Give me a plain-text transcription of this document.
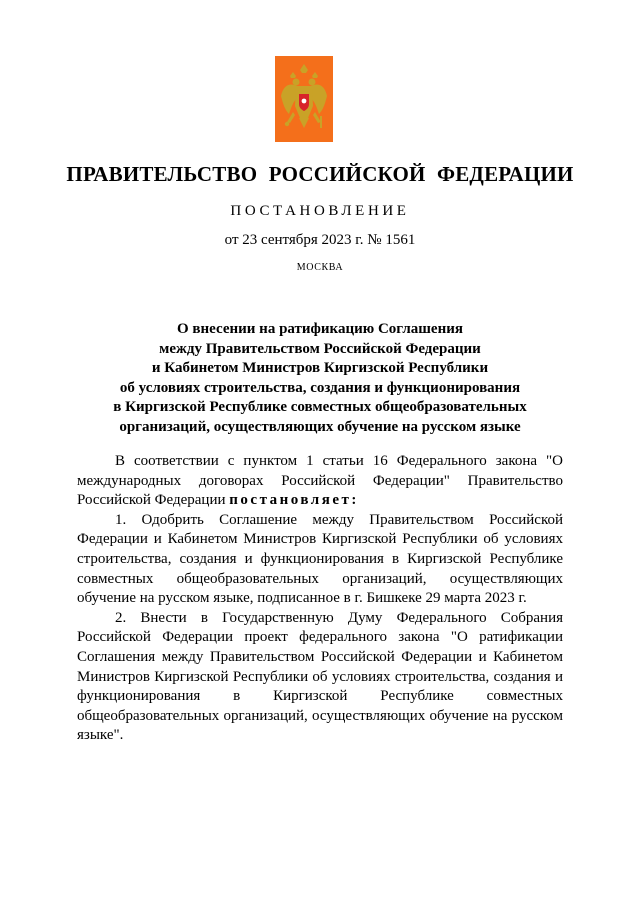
ПРАВИТЕЛЬСТВО РОССИЙСКОЙ ФЕДЕРАЦИИ
ПОСТАНОВЛЕНИЕ
от 23 сентября 2023 г. № 1561
МОСКВА
О внесении на ратификацию Соглашения
между Правительством Российской Федерации
и Кабинетом Министров Киргизской Республики
об условиях строительства, создания и функционирования
в Киргизской Республике совместных общеобразовательных
организаций, осуществляющих обучение на русском языке

В соответствии с пунктом 1 статьи 16 Федерального закона "О международных договорах Российской Федерации" Правительство Российской Федерации постановляет:

1. Одобрить Соглашение между Правительством Российской Федерации и Кабинетом Министров Киргизской Республики об условиях строительства, создания и функционирования в Киргизской Республике совместных общеобразовательных организаций, осуществляющих обучение на русском языке, подписанное в г. Бишкеке 29 марта 2023 г.

2. Внести в Государственную Думу Федерального Собрания Российской Федерации проект федерального закона "О ратификации Соглашения между Правительством Российской Федерации и Кабинетом Министров Киргизской Республики об условиях строительства, создания и функционирования в Киргизской Республике совместных общеобразовательных организаций, осуществляющих обучение на русском языке".
